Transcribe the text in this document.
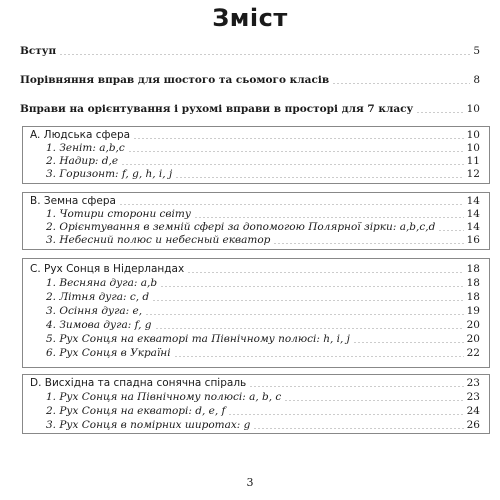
Зміст
Вступ	5
Порівняння вправ для шостого та сьомого класів	8
Вправи на орієнтування і рухомі вправи в просторі для 7 класу	10
A. Людська сфера	10
1. Зеніт: a,b,c	10
2. Надир: d,e	11
3. Горизонт: f, g, h, i, j	12
B. Земна сфера	14
1. Чотири сторони світу	14
2. Орієнтування в земній сфері за допомогою Полярної зірки: a,b,c,d	14
3. Небесний полюс и небесный екватор	16
C. Рух Сонця в Нідерландах	18
1. Весняна дуга: a,b	18
2. Літня дуга: c, d	18
3. Осіння дуга: e,	19
4. Зимова дуга: f, g	20
5. Рух Сонця на екваторі та Північному полюсі: h, i, j	20
6. Рух Сонця в Україні	22
D. Висхідна та спадна сонячна спіраль	23
1. Рух Сонця на Північному полюсі: a, b, c	23
2. Рух Сонця на екваторі: d, e, f	24
3. Рух Сонця в помірних широтах: g	26
3
